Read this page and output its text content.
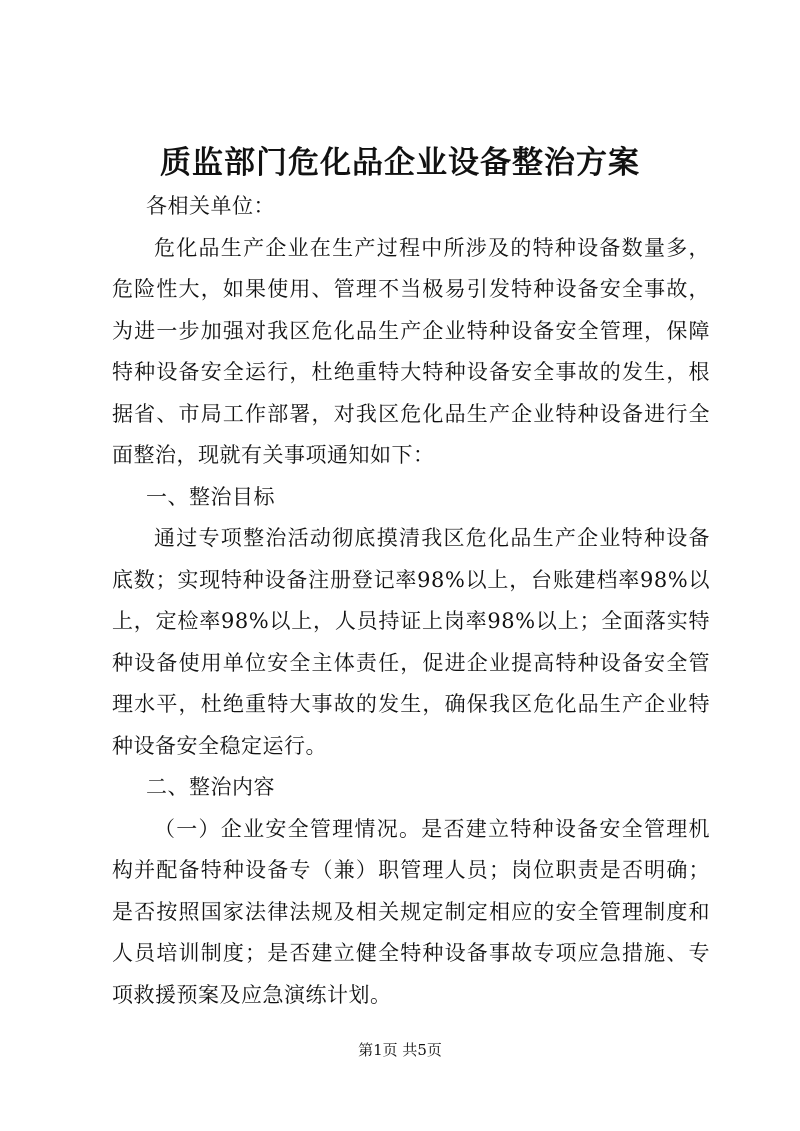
质监部门危化品企业设备整治方案

各相关单位：

危化品生产企业在生产过程中所涉及的特种设备数量多，危险性大，如果使用、管理不当极易引发特种设备安全事故，为进一步加强对我区危化品生产企业特种设备安全管理，保障特种设备安全运行，杜绝重特大特种设备安全事故的发生，根据省、市局工作部署，对我区危化品生产企业特种设备进行全面整治，现就有关事项通知如下：

一、整治目标

通过专项整治活动彻底摸清我区危化品生产企业特种设备底数；实现特种设备注册登记率98%以上，台账建档率98%以上，定检率98%以上，人员持证上岗率98%以上；全面落实特种设备使用单位安全主体责任，促进企业提高特种设备安全管理水平，杜绝重特大事故的发生，确保我区危化品生产企业特种设备安全稳定运行。

二、整治内容

（一）企业安全管理情况。是否建立特种设备安全管理机构并配备特种设备专（兼）职管理人员；岗位职责是否明确；是否按照国家法律法规及相关规定制定相应的安全管理制度和人员培训制度；是否建立健全特种设备事故专项应急措施、专项救援预案及应急演练计划。

第1页 共5页
